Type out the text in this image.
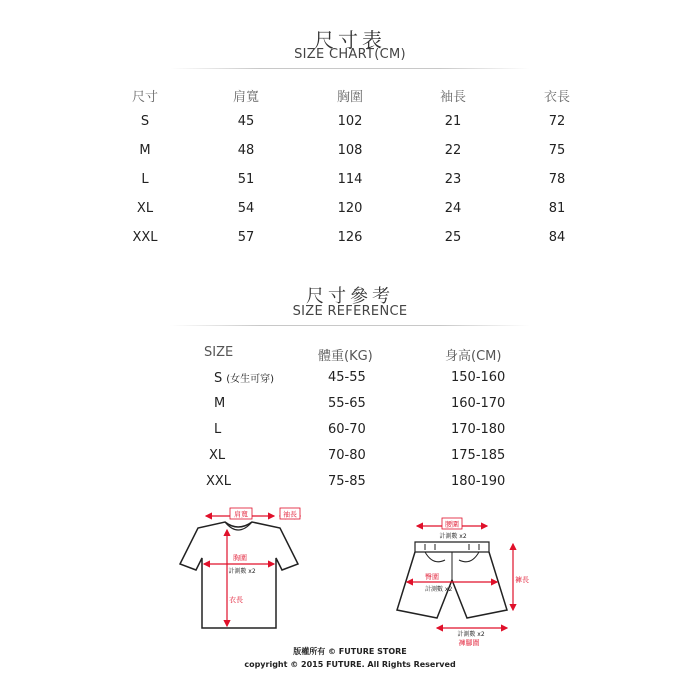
尺寸表
SIZE CHART(CM)
尺寸	肩寬	胸圍	袖長	衣長
S	45	102	21	72
M	48	108	22	75
L	51	114	23	78
XL	54	120	24	81
XXL	57	126	25	84
尺寸參考
SIZE REFERENCE
SIZE	體重(KG)	身高(CM)
S (女生可穿)	45-55	150-160
M	55-65	160-170
L	60-70	170-180
XL	70-80	175-185
XXL	75-85	180-190
肩寬	袖長
胸圍
計測數 x2
衣長
腰圍
計測數 x2
臀圍
計測數 x2
褲長
計測數 x2
褲腳圍
版權所有 © FUTURE STORE
copyright © 2015 FUTURE. All Rights Reserved
